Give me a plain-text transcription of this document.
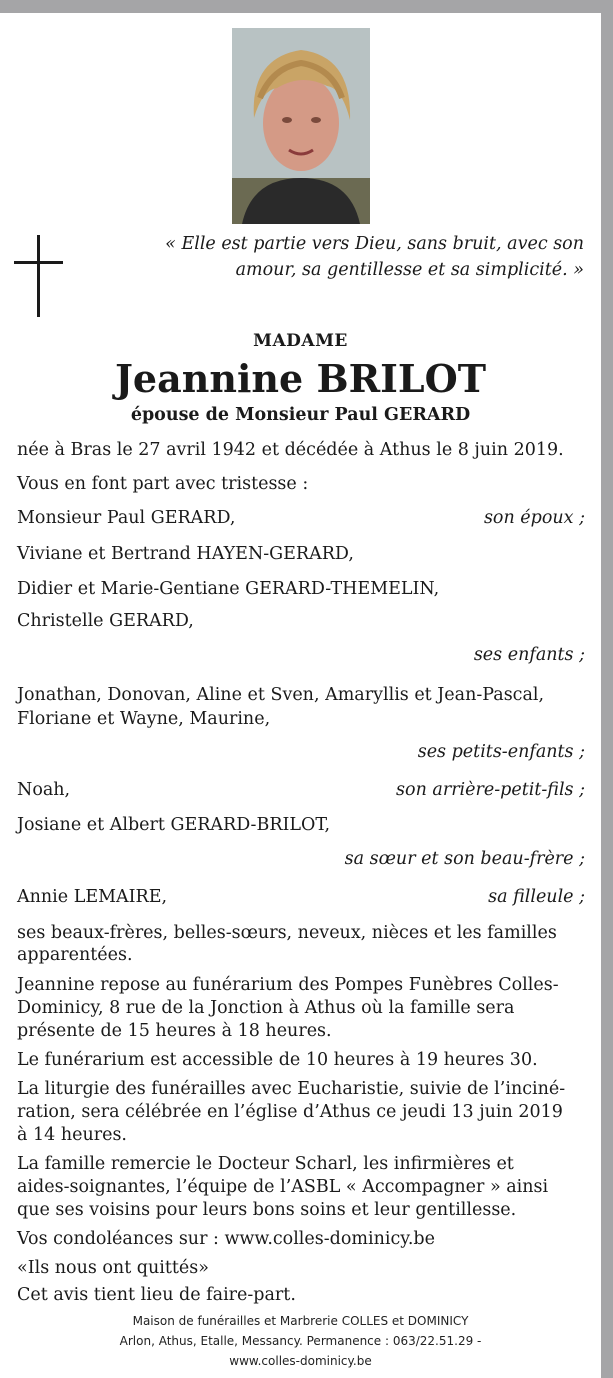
« Elle est partie vers Dieu, sans bruit, avec son
amour, sa gentillesse et sa simplicité. »
MADAME
Jeannine BRILOT
épouse de Monsieur Paul GERARD
née à Bras le 27 avril 1942 et décédée à Athus le 8 juin 2019.
Vous en font part avec tristesse :
Monsieur Paul GERARD,	son époux ;
Viviane et Bertrand HAYEN-GERARD,
Didier et Marie-Gentiane GERARD-THEMELIN,
Christelle GERARD,
ses enfants ;
Jonathan, Donovan, Aline et Sven, Amaryllis et Jean-Pascal,
Floriane et Wayne, Maurine,
ses petits-enfants ;
Noah,	son arrière-petit-fils ;
Josiane et Albert GERARD-BRILOT,
sa sœur et son beau-frère ;
Annie LEMAIRE,	sa filleule ;
ses beaux-frères, belles-sœurs, neveux, nièces et les familles
apparentées.
Jeannine repose au funérarium des Pompes Funèbres Colles-
Dominicy, 8 rue de la Jonction à Athus où la famille sera
présente de 15 heures à 18 heures.
Le funérarium est accessible de 10 heures à 19 heures 30.
La liturgie des funérailles avec Eucharistie, suivie de l’inciné-
ration, sera célébrée en l’église d’Athus ce jeudi 13 juin 2019
à 14 heures.
La famille remercie le Docteur Scharl, les infirmières et
aides-soignantes, l’équipe de l’ASBL « Accompagner » ainsi
que ses voisins pour leurs bons soins et leur gentillesse.
Vos condoléances sur : www.colles-dominicy.be
«Ils nous ont quittés»
Cet avis tient lieu de faire-part.
Maison de funérailles et Marbrerie COLLES et DOMINICY
Arlon, Athus, Etalle, Messancy. Permanence : 063/22.51.29 -
www.colles-dominicy.be
